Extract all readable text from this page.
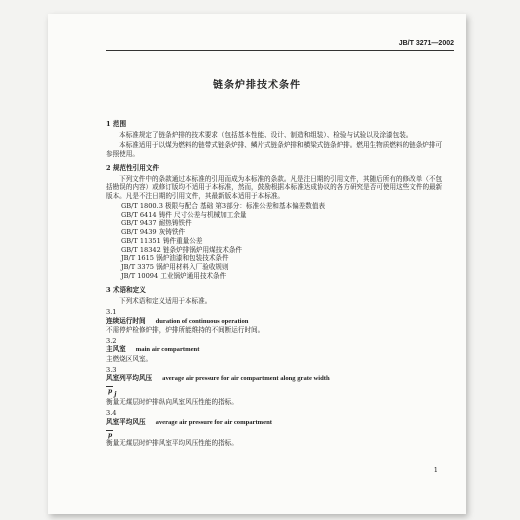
JB/T 3271—2002
链条炉排技术条件
1 范围

本标准规定了链条炉排的技术要求（包括基本性能、设计、制造和组装）、检验与试验以及涂漆包装。

本标准适用于以煤为燃料的链带式链条炉排、鳞片式链条炉排和横梁式链条炉排。燃用生物质燃料的链条炉排可参照使用。

2 规范性引用文件

下列文件中的条款通过本标准的引用而成为本标准的条款。凡是注日期的引用文件，其随后所有的修改单（不包括勘误的内容）或修订版均不适用于本标准，然而，鼓励根据本标准达成协议的各方研究是否可使用这些文件的最新版本。凡是不注日期的引用文件，其最新版本适用于本标准。

GB/T 1800.3 极限与配合 基础 第3部分：标准公差和基本偏差数值表
GB/T 6414 铸件 尺寸公差与机械加工余量
GB/T 9437 耐热铸铁件
GB/T 9439 灰铸铁件
GB/T 11351 铸件重量公差
GB/T 18342 链条炉排锅炉用煤技术条件
JB/T 1615 锅炉油漆和包装技术条件
JB/T 3375 锅炉用材料入厂验收规则
JB/T 10094 工业锅炉通用技术条件
3 术语和定义

下列术语和定义适用于本标准。

3.1
连续运行时间 duration of continuous operation
不需停炉检修炉排，炉排所能维持的不间断运行时间。
3.2
主风室 main air compartment
主燃烧区风室。
3.3
风室列平均风压 average air pressure for air compartment along grate width
p $_j$
衡量无煤层时炉排纵向风室风压性能的指标。
3.4
风室平均风压 average air pressure for air compartment
p
衡量无煤层时炉排风室平均风压性能的指标。
1
